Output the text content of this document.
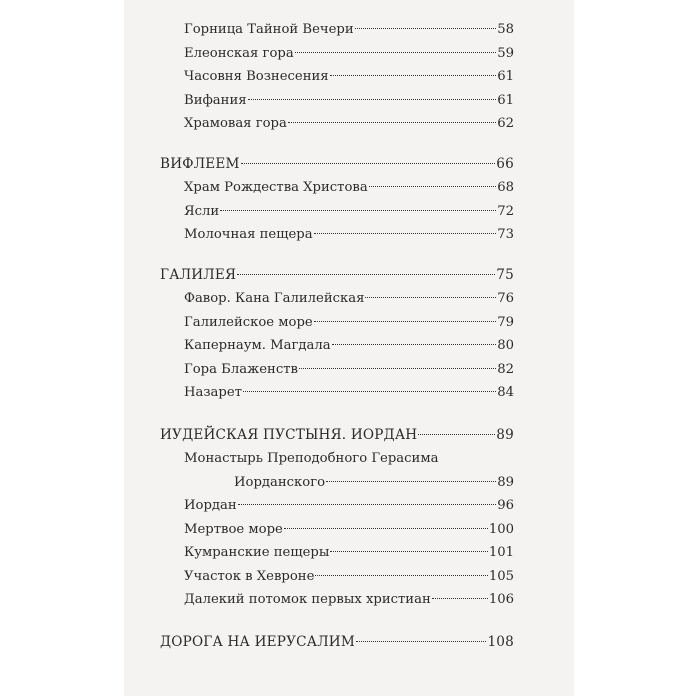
Горница Тайной Вечери	58
Елеонская гора	59
Часовня Вознесения	61
Вифания	61
Храмовая гора	62
ВИФЛЕЕМ	66
Храм Рождества Христова	68
Ясли	72
Молочная пещера	73
ГАЛИЛЕЯ	75
Фавор. Кана Галилейская	76
Галилейское море	79
Капернаум. Магдала	80
Гора Блаженств	82
Назарет	84
ИУДЕЙСКАЯ ПУСТЫНЯ. ИОРДАН	89
Монастырь Преподобного Герасима
Иорданского	89
Иордан	96
Мертвое море	100
Кумранские пещеры	101
Участок в Хевроне	105
Далекий потомок первых христиан	106
ДОРОГА НА ИЕРУСАЛИМ	108
